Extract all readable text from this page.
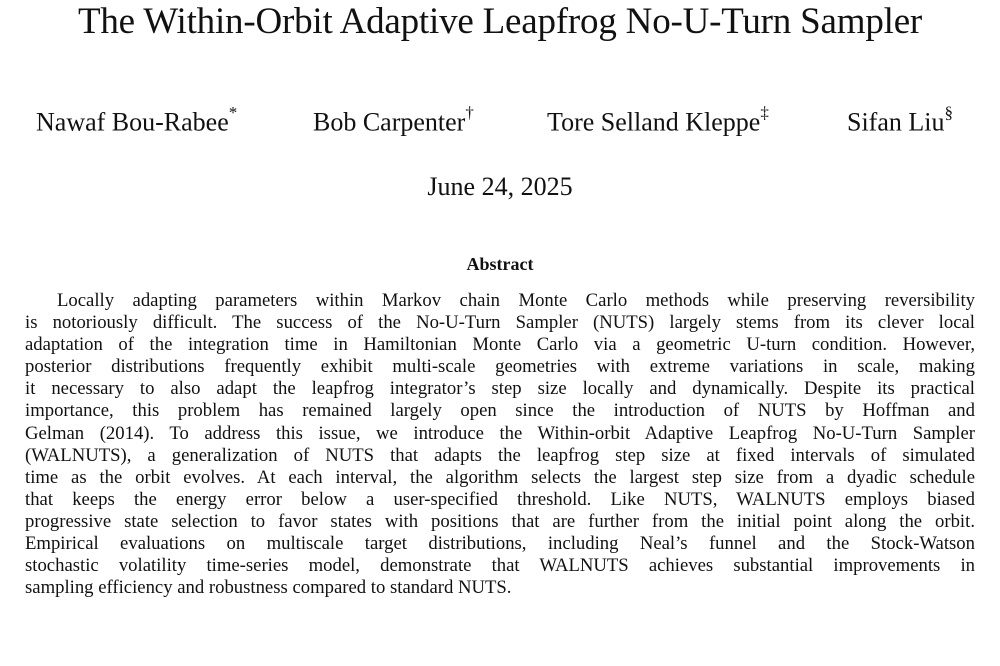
The Within-Orbit Adaptive Leapfrog No-U-Turn Sampler
Nawaf Bou-Rabee*	Bob Carpenter†	Tore Selland Kleppe‡	Sifan Liu§
June 24, 2025
Abstract
Locally adapting parameters within Markov chain Monte Carlo methods while preserving reversibility
is notoriously difficult. The success of the No-U-Turn Sampler (NUTS) largely stems from its clever local
adaptation of the integration time in Hamiltonian Monte Carlo via a geometric U-turn condition. However,
posterior distributions frequently exhibit multi-scale geometries with extreme variations in scale, making
it necessary to also adapt the leapfrog integrator’s step size locally and dynamically. Despite its practical
importance, this problem has remained largely open since the introduction of NUTS by Hoffman and
Gelman (2014). To address this issue, we introduce the Within-orbit Adaptive Leapfrog No-U-Turn Sampler
(WALNUTS), a generalization of NUTS that adapts the leapfrog step size at fixed intervals of simulated
time as the orbit evolves. At each interval, the algorithm selects the largest step size from a dyadic schedule
that keeps the energy error below a user-specified threshold. Like NUTS, WALNUTS employs biased
progressive state selection to favor states with positions that are further from the initial point along the orbit.
Empirical evaluations on multiscale target distributions, including Neal’s funnel and the Stock-Watson
stochastic volatility time-series model, demonstrate that WALNUTS achieves substantial improvements in
sampling efficiency and robustness compared to standard NUTS.
